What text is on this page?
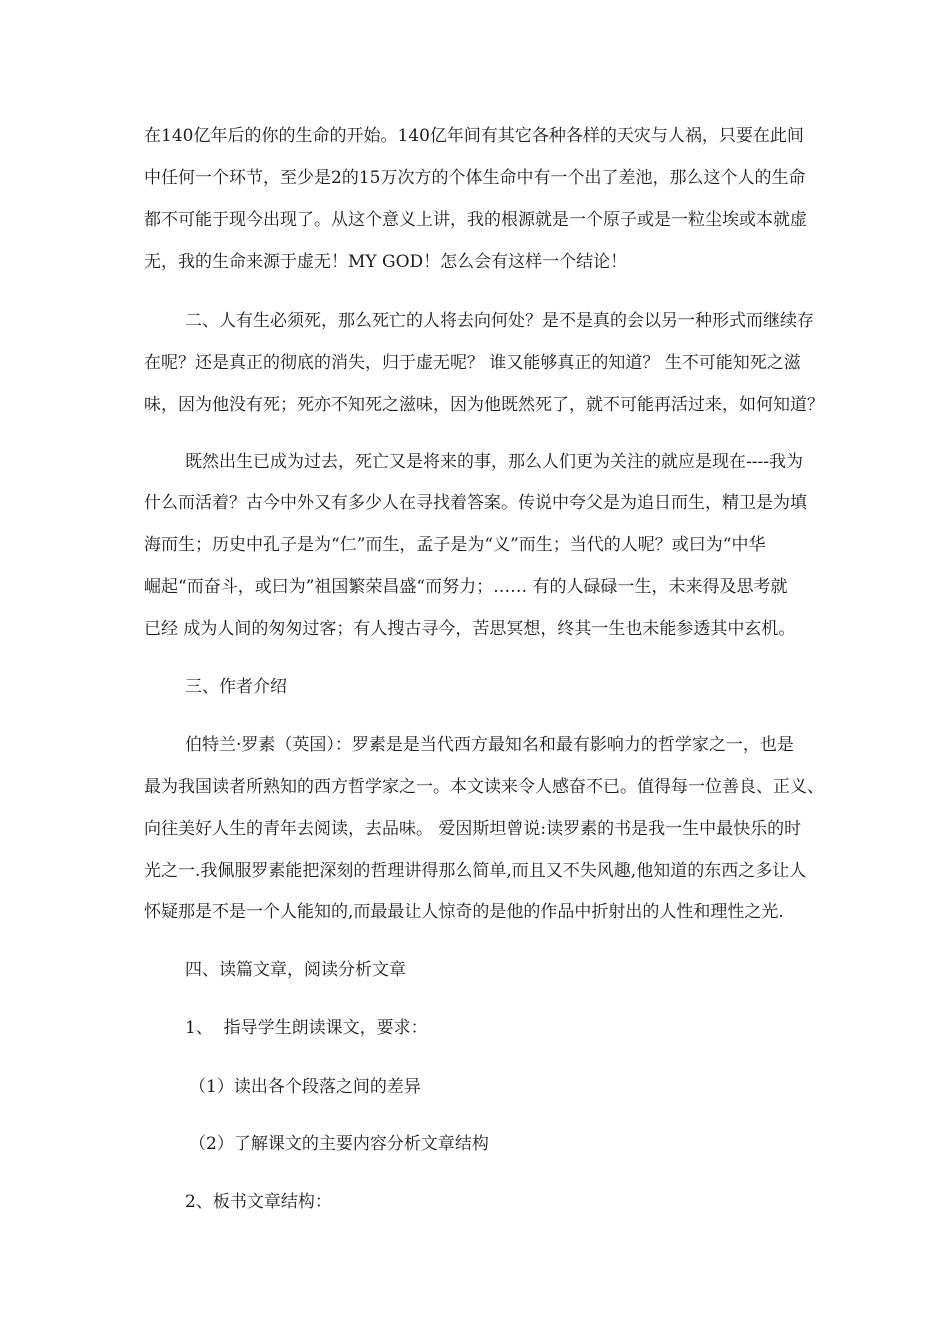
在140亿年后的你的生命的开始。140亿年间有其它各种各样的天灾与人祸，只要在此间
中任何一个环节，至少是2的15万次方的个体生命中有一个出了差池，那么这个人的生命
都不可能于现今出现了。从这个意义上讲，我的根源就是一个原子或是一粒尘埃或本就虚
无，我的生命来源于虚无！MY GOD！怎么会有这样一个结论！
二、人有生必须死，那么死亡的人将去向何处？是不是真的会以另一种形式而继续存
在呢？还是真正的彻底的消失，归于虚无呢？ 谁又能够真正的知道？ 生不可能知死之滋
味，因为他没有死；死亦不知死之滋味，因为他既然死了，就不可能再活过来，如何知道？
既然出生已成为过去，死亡又是将来的事，那么人们更为关注的就应是现在----我为
什么而活着？古今中外又有多少人在寻找着答案。传说中夸父是为追日而生，精卫是为填
海而生；历史中孔子是为“仁”而生，孟子是为“义”而生；当代的人呢？或曰为“中华
崛起“而奋斗，或曰为”祖国繁荣昌盛“而努力；…… 有的人碌碌一生，未来得及思考就
已经 成为人间的匆匆过客；有人搜古寻今，苦思冥想，终其一生也未能参透其中玄机。
三、作者介绍
伯特兰·罗素（英国）：罗素是是当代西方最知名和最有影响力的哲学家之一，也是
最为我国读者所熟知的西方哲学家之一。本文读来令人感奋不已。值得每一位善良、正义、
向往美好人生的青年去阅读，去品味。 爱因斯坦曾说:读罗素的书是我一生中最快乐的时
光之一.我佩服罗素能把深刻的哲理讲得那么简单,而且又不失风趣,他知道的东西之多让人
怀疑那是不是一个人能知的,而最最让人惊奇的是他的作品中折射出的人性和理性之光.
四、读篇文章，阅读分析文章
1、  指导学生朗读课文，要求：
（1）读出各个段落之间的差异
（2）了解课文的主要内容分析文章结构
2、板书文章结构：
